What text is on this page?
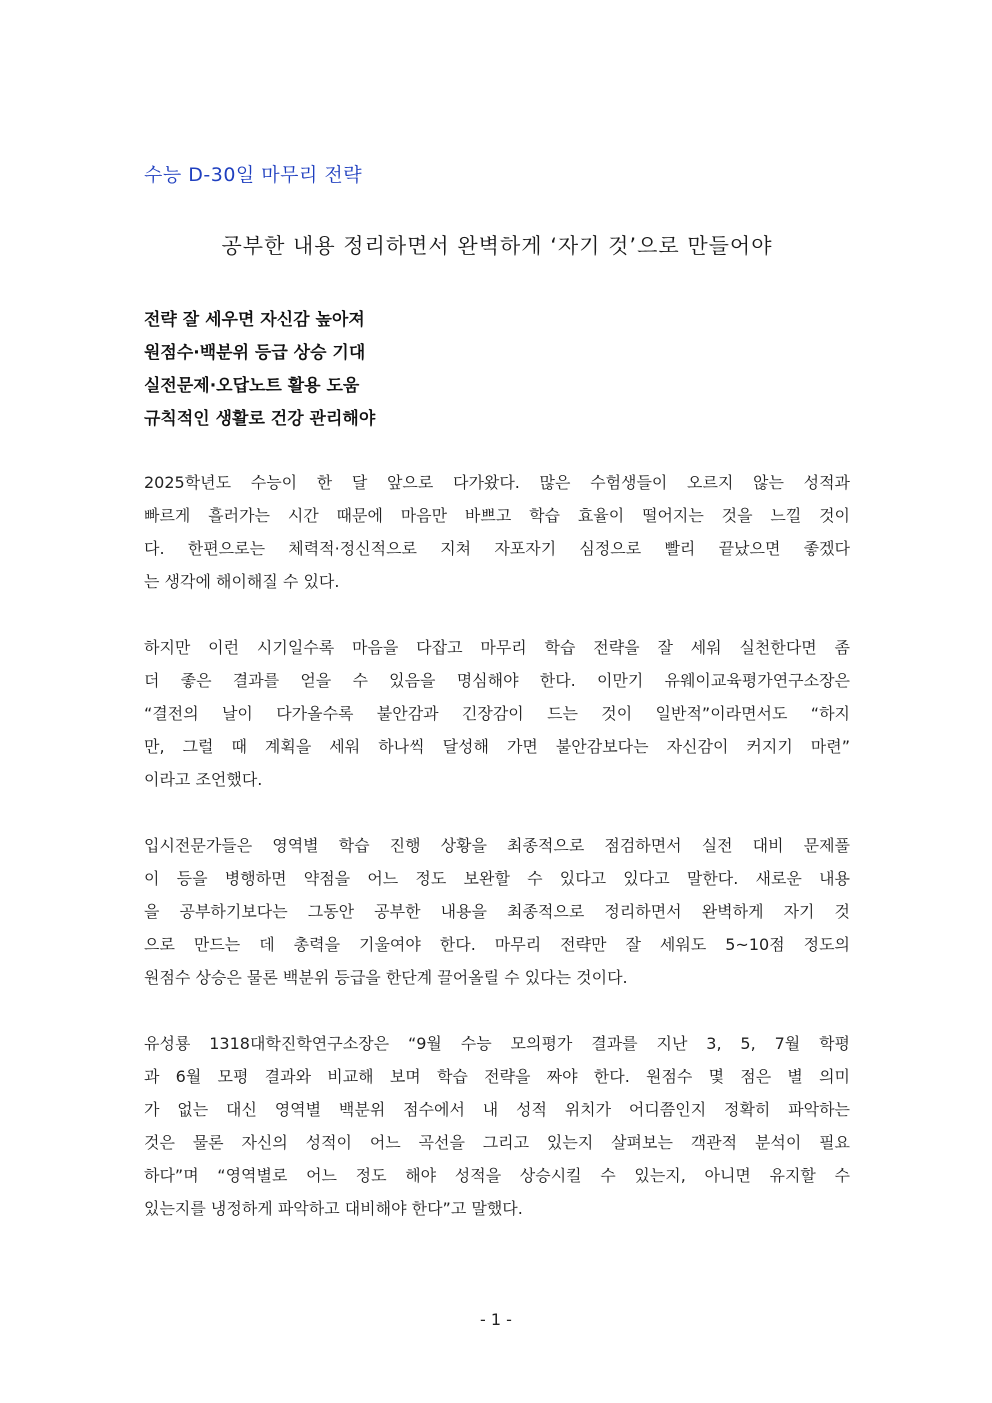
수능 D-30일 마무리 전략
공부한 내용 정리하면서 완벽하게 ‘자기 것’으로 만들어야
전략 잘 세우면 자신감 높아져
원점수·백분위 등급 상승 기대
실전문제·오답노트 활용 도움
규칙적인 생활로 건강 관리해야
2025학년도 수능이 한 달 앞으로 다가왔다. 많은 수험생들이 오르지 않는 성적과
빠르게 흘러가는 시간 때문에 마음만 바쁘고 학습 효율이 떨어지는 것을 느낄 것이
다. 한편으로는 체력적·정신적으로 지쳐 자포자기 심정으로 빨리 끝났으면 좋겠다
는 생각에 해이해질 수 있다.
하지만 이런 시기일수록 마음을 다잡고 마무리 학습 전략을 잘 세워 실천한다면 좀
더 좋은 결과를 얻을 수 있음을 명심해야 한다. 이만기 유웨이교육평가연구소장은
“결전의 날이 다가올수록 불안감과 긴장감이 드는 것이 일반적”이라면서도 “하지
만, 그럴 때 계획을 세워 하나씩 달성해 가면 불안감보다는 자신감이 커지기 마련”
이라고 조언했다.
입시전문가들은 영역별 학습 진행 상황을 최종적으로 점검하면서 실전 대비 문제풀
이 등을 병행하면 약점을 어느 정도 보완할 수 있다고 있다고 말한다. 새로운 내용
을 공부하기보다는 그동안 공부한 내용을 최종적으로 정리하면서 완벽하게 자기 것
으로 만드는 데 총력을 기울여야 한다. 마무리 전략만 잘 세워도 5~10점 정도의
원점수 상승은 물론 백분위 등급을 한단계 끌어올릴 수 있다는 것이다.
유성룡 1318대학진학연구소장은 “9월 수능 모의평가 결과를 지난 3, 5, 7월 학평
과 6월 모평 결과와 비교해 보며 학습 전략을 짜야 한다. 원점수 몇 점은 별 의미
가 없는 대신 영역별 백분위 점수에서 내 성적 위치가 어디쯤인지 정확히 파악하는
것은 물론 자신의 성적이 어느 곡선을 그리고 있는지 살펴보는 객관적 분석이 필요
하다”며 “영역별로 어느 정도 해야 성적을 상승시킬 수 있는지, 아니면 유지할 수
있는지를 냉정하게 파악하고 대비해야 한다”고 말했다.
- 1 -
